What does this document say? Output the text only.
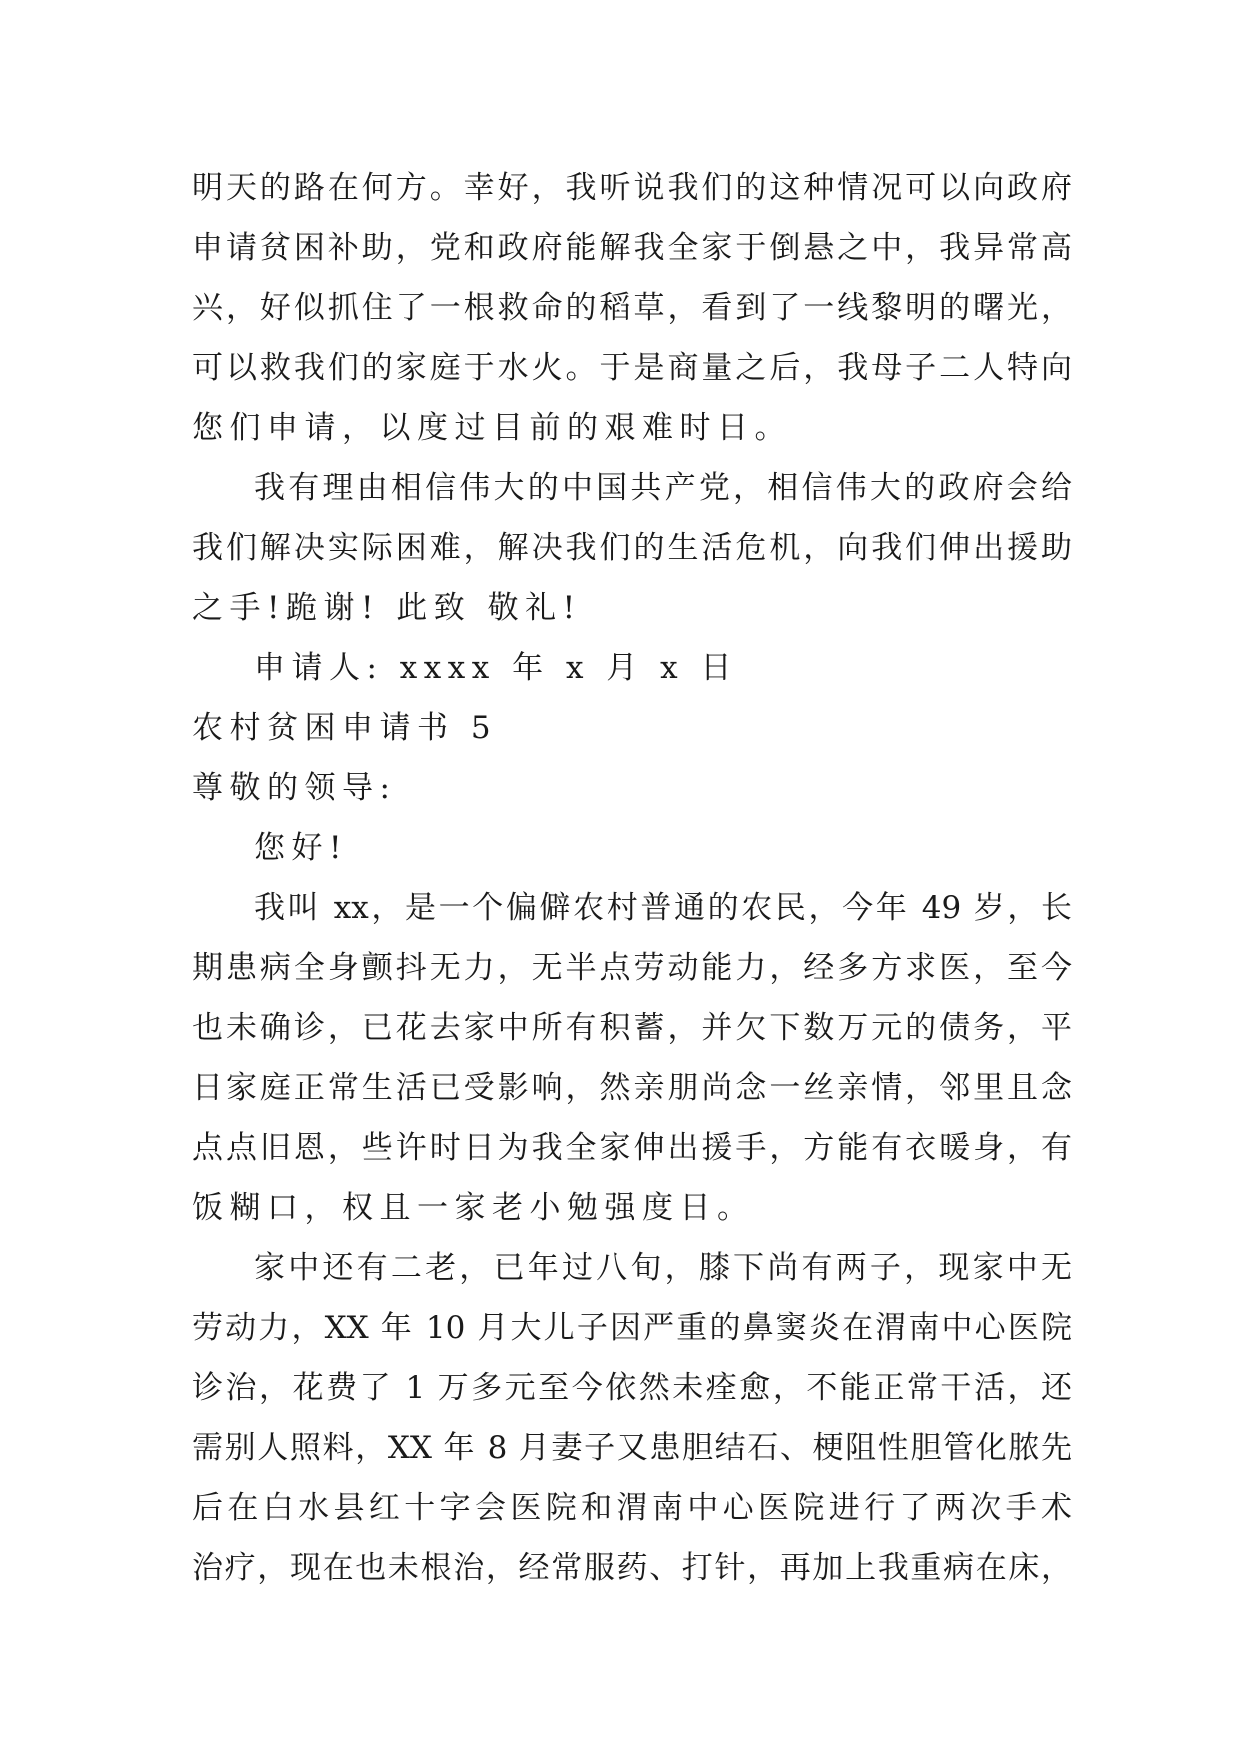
明天的路在何方。幸好，我听说我们的这种情况可以向政府
申请贫困补助，党和政府能解我全家于倒悬之中，我异常高
兴，好似抓住了一根救命的稻草，看到了一线黎明的曙光，
可以救我们的家庭于水火。于是商量之后，我母子二人特向
您们申请，以度过目前的艰难时日。
我有理由相信伟大的中国共产党，相信伟大的政府会给
我们解决实际困难，解决我们的生活危机，向我们伸出援助
之手!跪谢! 此致 敬礼!
申请人: xxxx 年 x 月 x 日
农村贫困申请书 5
尊敬的领导:
您好!
我叫 xx，是一个偏僻农村普通的农民，今年 49 岁，长
期患病全身颤抖无力，无半点劳动能力，经多方求医，至今
也未确诊，已花去家中所有积蓄，并欠下数万元的债务，平
日家庭正常生活已受影响，然亲朋尚念一丝亲情，邻里且念
点点旧恩，些许时日为我全家伸出援手，方能有衣暖身，有
饭糊口，权且一家老小勉强度日。
家中还有二老，已年过八旬，膝下尚有两子，现家中无
劳动力，XX 年 10 月大儿子因严重的鼻窦炎在渭南中心医院
诊治，花费了 1 万多元至今依然未痊愈，不能正常干活，还
需别人照料，XX 年 8 月妻子又患胆结石、梗阻性胆管化脓先
后在白水县红十字会医院和渭南中心医院进行了两次手术
治疗，现在也未根治，经常服药、打针，再加上我重病在床，
